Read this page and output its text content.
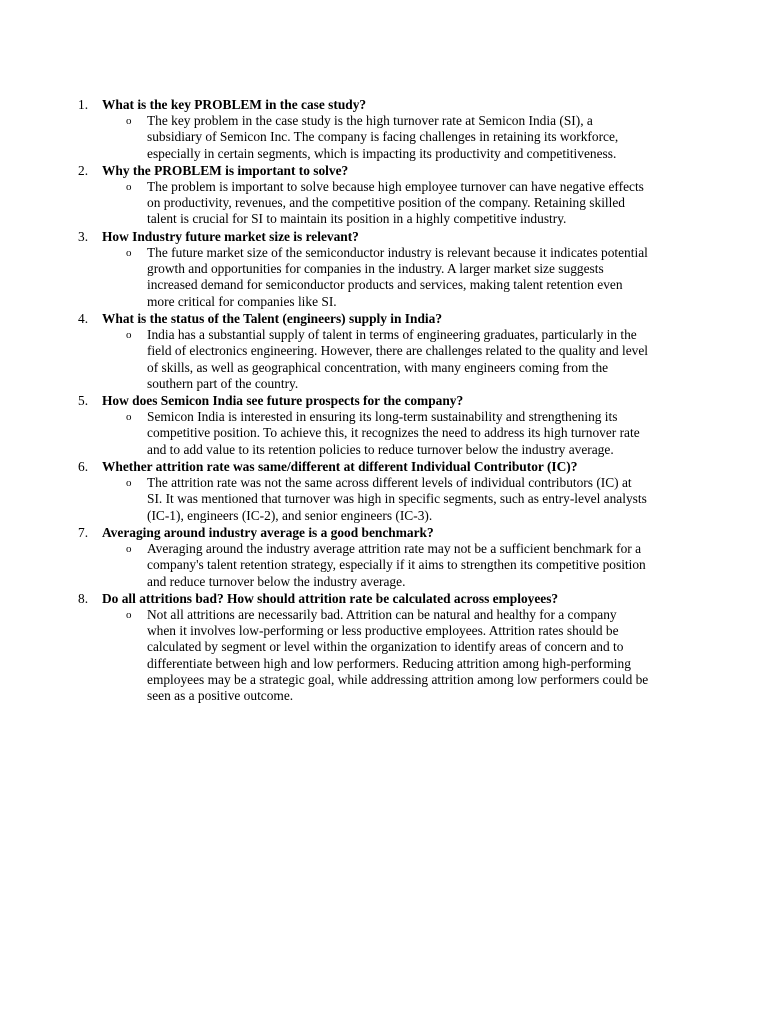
1. What is the key PROBLEM in the case study?
o The key problem in the case study is the high turnover rate at Semicon India (SI), a
subsidiary of Semicon Inc. The company is facing challenges in retaining its workforce,
especially in certain segments, which is impacting its productivity and competitiveness.
2. Why the PROBLEM is important to solve?
o The problem is important to solve because high employee turnover can have negative effects
on productivity, revenues, and the competitive position of the company. Retaining skilled
talent is crucial for SI to maintain its position in a highly competitive industry.
3. How Industry future market size is relevant?
o The future market size of the semiconductor industry is relevant because it indicates potential
growth and opportunities for companies in the industry. A larger market size suggests
increased demand for semiconductor products and services, making talent retention even
more critical for companies like SI.
4. What is the status of the Talent (engineers) supply in India?
o India has a substantial supply of talent in terms of engineering graduates, particularly in the
field of electronics engineering. However, there are challenges related to the quality and level
of skills, as well as geographical concentration, with many engineers coming from the
southern part of the country.
5. How does Semicon India see future prospects for the company?
o Semicon India is interested in ensuring its long-term sustainability and strengthening its
competitive position. To achieve this, it recognizes the need to address its high turnover rate
and to add value to its retention policies to reduce turnover below the industry average.
6. Whether attrition rate was same/different at different Individual Contributor (IC)?
o The attrition rate was not the same across different levels of individual contributors (IC) at
SI. It was mentioned that turnover was high in specific segments, such as entry-level analysts
(IC-1), engineers (IC-2), and senior engineers (IC-3).
7. Averaging around industry average is a good benchmark?
o Averaging around the industry average attrition rate may not be a sufficient benchmark for a
company's talent retention strategy, especially if it aims to strengthen its competitive position
and reduce turnover below the industry average.
8. Do all attritions bad? How should attrition rate be calculated across employees?
o Not all attritions are necessarily bad. Attrition can be natural and healthy for a company
when it involves low-performing or less productive employees. Attrition rates should be
calculated by segment or level within the organization to identify areas of concern and to
differentiate between high and low performers. Reducing attrition among high-performing
employees may be a strategic goal, while addressing attrition among low performers could be
seen as a positive outcome.
